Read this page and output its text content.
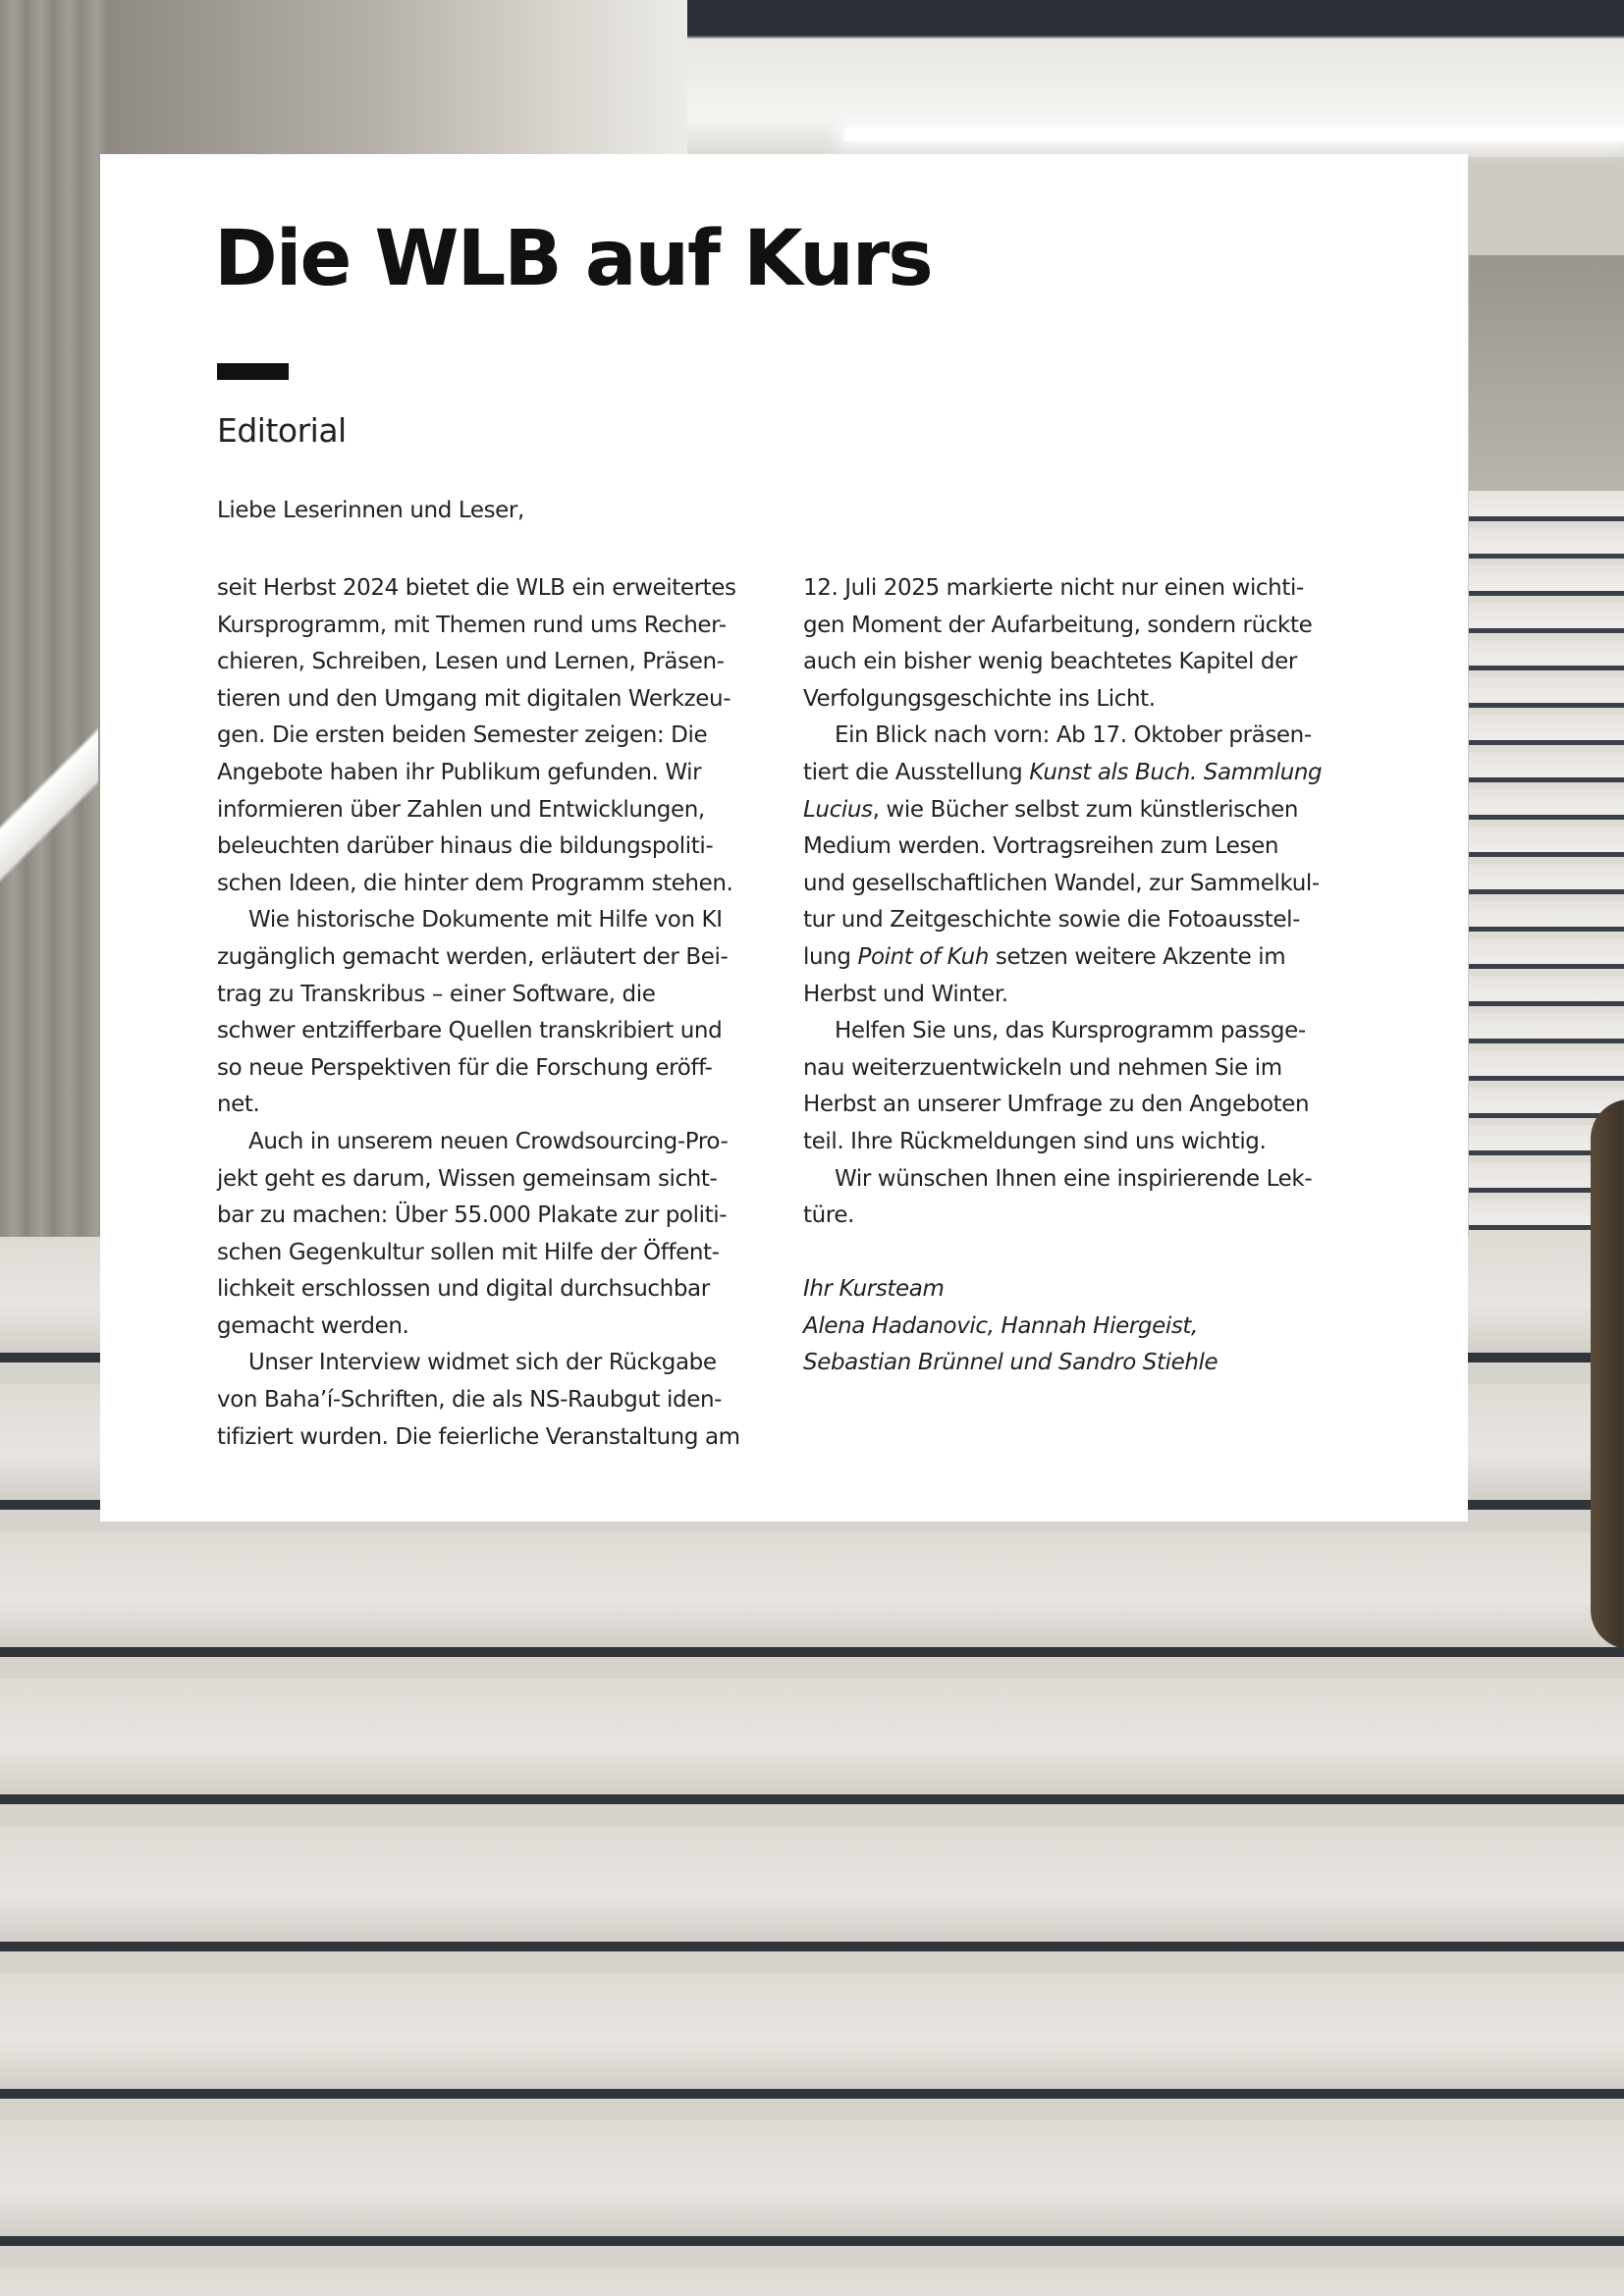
Die WLB auf Kurs
Editorial
Liebe Leserinnen und Leser,
seit Herbst 2024 bietet die WLB ein erweitertes
Kursprogramm, mit Themen rund ums Recher-
chieren, Schreiben, Lesen und Lernen, Präsen-
tieren und den Umgang mit digitalen Werkzeu-
gen. Die ersten beiden Semester zeigen: Die
Angebote haben ihr Publikum gefunden. Wir
informieren über Zahlen und Entwicklungen,
beleuchten darüber hinaus die bildungspoliti-
schen Ideen, die hinter dem Programm stehen.
Wie historische Dokumente mit Hilfe von KI
zugänglich gemacht werden, erläutert der Bei-
trag zu Transkribus – einer Software, die
schwer entzifferbare Quellen transkribiert und
so neue Perspektiven für die Forschung eröff-
net.
Auch in unserem neuen Crowdsourcing-Pro-
jekt geht es darum, Wissen gemeinsam sicht-
bar zu machen: Über 55.000 Plakate zur politi-
schen Gegenkultur sollen mit Hilfe der Öffent-
lichkeit erschlossen und digital durchsuchbar
gemacht werden.
Unser Interview widmet sich der Rückgabe
von Bahaʼí-Schriften, die als NS-Raubgut iden-
tifiziert wurden. Die feierliche Veranstaltung am
12. Juli 2025 markierte nicht nur einen wichti-
gen Moment der Aufarbeitung, sondern rückte
auch ein bisher wenig beachtetes Kapitel der
Verfolgungsgeschichte ins Licht.
Ein Blick nach vorn: Ab 17. Oktober präsen-
tiert die Ausstellung Kunst als Buch. Sammlung
Lucius, wie Bücher selbst zum künstlerischen
Medium werden. Vortragsreihen zum Lesen
und gesellschaftlichen Wandel, zur Sammelkul-
tur und Zeitgeschichte sowie die Fotoausstel-
lung Point of Kuh setzen weitere Akzente im
Herbst und Winter.
Helfen Sie uns, das Kursprogramm passge-
nau weiterzuentwickeln und nehmen Sie im
Herbst an unserer Umfrage zu den Angeboten
teil. Ihre Rückmeldungen sind uns wichtig.
Wir wünschen Ihnen eine inspirierende Lek-
türe.
Ihr Kursteam
Alena Hadanovic, Hannah Hiergeist,
Sebastian Brünnel und Sandro Stiehle
